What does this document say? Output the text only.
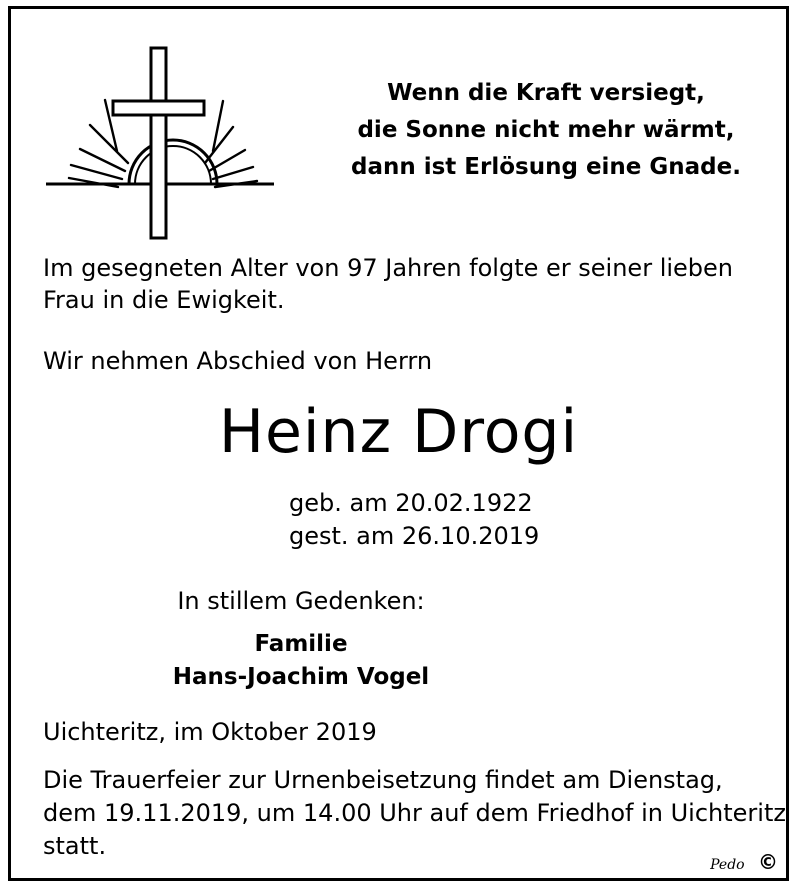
Wenn die Kraft versiegt,
die Sonne nicht mehr wärmt,
dann ist Erlösung eine Gnade.
Im gesegneten Alter von 97 Jahren folgte er seiner lieben
Frau in die Ewigkeit.
Wir nehmen Abschied von Herrn
Heinz Drogi
geb. am 20.02.1922
gest. am 26.10.2019
In stillem Gedenken:
Familie
Hans-Joachim Vogel
Uichteritz, im Oktober 2019
Die Trauerfeier zur Urnenbeisetzung findet am Dienstag,
dem 19.11.2019, um 14.00 Uhr auf dem Friedhof in Uichteritz
statt.
Pedo ©
